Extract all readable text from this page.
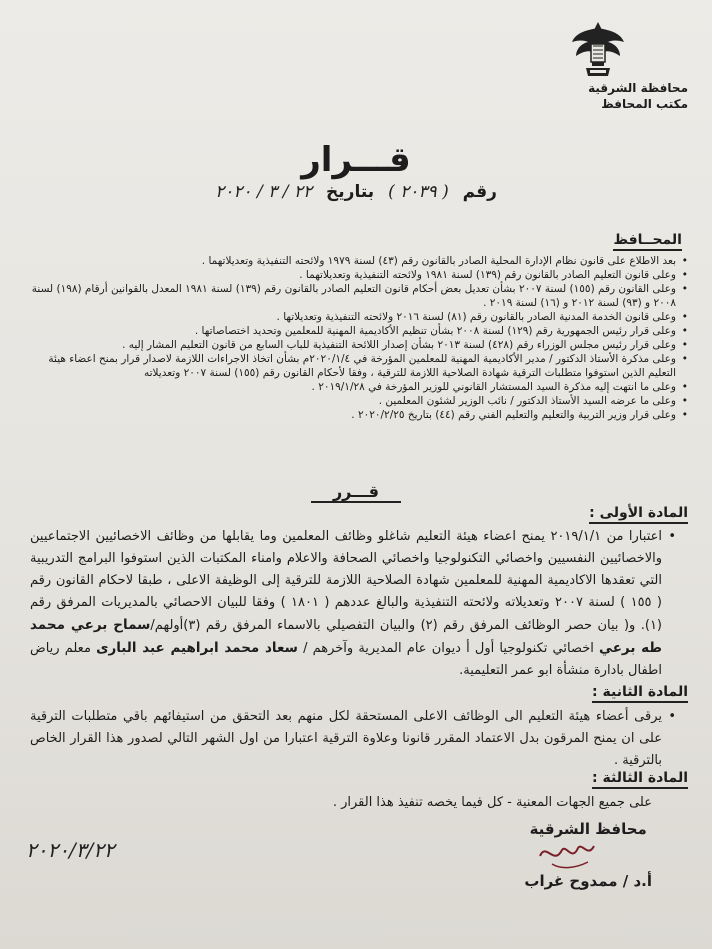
محافظة الشرقية
مكتب المحافظ
قـــرار
رقم ( ٢٠٣٩ ) بتاريخ ٢٢ / ٣ / ٢٠٢٠
المحــافظ
• بعد الاطلاع على قانون نظام الإدارة المحلية الصادر بالقانون رقم (٤٣) لسنة ١٩٧٩ ولائحته التنفيذية وتعديلاتهما .
• وعلى قانون التعليم الصادر بالقانون رقم (١٣٩) لسنة ١٩٨١ ولائحته التنفيذية وتعديلاتهما .
• وعلى القانون رقم (١٥٥) لسنة ٢٠٠٧ بشأن تعديل بعض أحكام قانون التعليم الصادر بالقانون رقم (١٣٩) لسنة ١٩٨١ المعدل بالقوانين أرقام (١٩٨) لسنة ٢٠٠٨ و (٩٣) لسنة ٢٠١٢ و (١٦) لسنة ٢٠١٩ .
• وعلى قانون الخدمة المدنية الصادر بالقانون رقم (٨١) لسنة ٢٠١٦ ولائحته التنفيذية وتعديلاتها .
• وعلى قرار رئيس الجمهورية رقم (١٢٩) لسنة ٢٠٠٨ بشأن تنظيم الأكاديمية المهنية للمعلمين وتحديد اختصاصاتها .
• وعلى قرار رئيس مجلس الوزراء رقم (٤٢٨) لسنة ٢٠١٣ بشأن إصدار اللائحة التنفيذية للباب السابع من قانون التعليم المشار إليه .
• وعلى مذكرة الأستاذ الدكتور / مدير الأكاديمية المهنية للمعلمين المؤرخة في ٢٠٢٠/١/٤م بشأن اتخاذ الاجراءات اللازمة لاصدار قرار بمنح اعضاء هيئة التعليم الذين استوفوا متطلبات الترقية شهادة الصلاحية اللازمة للترقية ، وفقا لأحكام القانون رقم (١٥٥) لسنة ٢٠٠٧ وتعديلاته
• وعلى ما انتهت إليه مذكرة السيد المستشار القانوني للوزير المؤرخة في ٢٠١٩/١/٢٨ .
• وعلى ما عرضه السيد الأستاذ الدكتور / نائب الوزير لشئون المعلمين .
• وعلى قرار وزير التربية والتعليم والتعليم الفني رقم (٤٤) بتاريخ ٢٠٢٠/٢/٢٥ .
قـــرر
المادة الأولى :
• اعتبارا من ٢٠١٩/١/١ يمنح اعضاء هيئة التعليم شاغلو وظائف المعلمين وما يقابلها من وظائف الاخصائيين الاجتماعيين والاخصائيين النفسيين واخصائي التكنولوجيا واخصائي الصحافة والاعلام وامناء المكتبات الذين استوفوا البرامج التدريبية التي تعقدها الاكاديمية المهنية للمعلمين شهادة الصلاحية اللازمة للترقية إلى الوظيفة الاعلى ، طبقا لاحكام القانون رقم ( ١٥٥ ) لسنة ٢٠٠٧ وتعديلاته ولائحته التنفيذية والبالغ عددهم ( ١٨٠١ ) وفقا للبيان الاحصائي بالمديريات المرفق رقم (١). و( بيان حصر الوظائف المرفق رقم (٢) والبيان التفصيلي بالاسماء المرفق رقم (٣)أولهم/سماح برعي محمد طه برعي اخصائي تكنولوجيا أول أ ديوان عام المديرية وآخرهم / سعاد محمد ابراهيم عبد البارى معلم رياض اطفال بادارة منشأة ابو عمر التعليمية.
المادة الثانية :
• يرقى أعضاء هيئة التعليم الى الوظائف الاعلى المستحقة لكل منهم بعد التحقق من استيفائهم باقي متطلبات الترقية على ان يمنح المرقون بدل الاعتماد المقرر قانونا وعلاوة الترقية اعتبارا من اول الشهر التالي لصدور هذا القرار الخاص بالترقية .
المادة الثالثة :
على جميع الجهات المعنية - كل فيما يخصه تنفيذ هذا القرار .
محافظ الشرقية
أ.د / ممدوح غراب
٢٠٢٠/٣/٢٢
